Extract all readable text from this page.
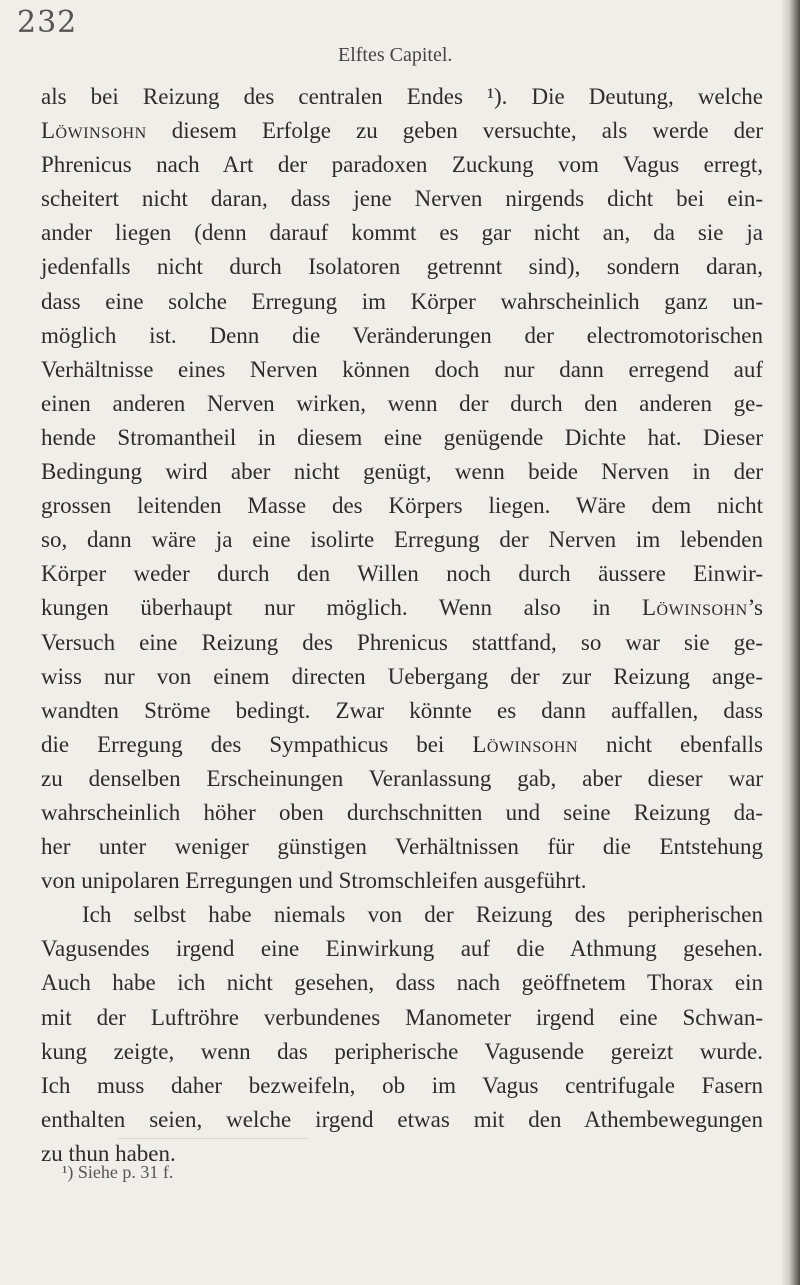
232
Elftes Capitel.
als bei Reizung des centralen Endes ¹). Die Deutung, welche
Löwinsohn diesem Erfolge zu geben versuchte, als werde der
Phrenicus nach Art der paradoxen Zuckung vom Vagus erregt,
scheitert nicht daran, dass jene Nerven nirgends dicht bei ein-
ander liegen (denn darauf kommt es gar nicht an, da sie ja
jedenfalls nicht durch Isolatoren getrennt sind), sondern daran,
dass eine solche Erregung im Körper wahrscheinlich ganz un-
möglich ist. Denn die Veränderungen der electromotorischen
Verhältnisse eines Nerven können doch nur dann erregend auf
einen anderen Nerven wirken, wenn der durch den anderen ge-
hende Stromantheil in diesem eine genügende Dichte hat. Dieser
Bedingung wird aber nicht genügt, wenn beide Nerven in der
grossen leitenden Masse des Körpers liegen. Wäre dem nicht
so, dann wäre ja eine isolirte Erregung der Nerven im lebenden
Körper weder durch den Willen noch durch äussere Einwir-
kungen überhaupt nur möglich. Wenn also in Löwinsohn’s
Versuch eine Reizung des Phrenicus stattfand, so war sie ge-
wiss nur von einem directen Uebergang der zur Reizung ange-
wandten Ströme bedingt. Zwar könnte es dann auffallen, dass
die Erregung des Sympathicus bei Löwinsohn nicht ebenfalls
zu denselben Erscheinungen Veranlassung gab, aber dieser war
wahrscheinlich höher oben durchschnitten und seine Reizung da-
her unter weniger günstigen Verhältnissen für die Entstehung
von unipolaren Erregungen und Stromschleifen ausgeführt.
Ich selbst habe niemals von der Reizung des peripherischen
Vagusendes irgend eine Einwirkung auf die Athmung gesehen.
Auch habe ich nicht gesehen, dass nach geöffnetem Thorax ein
mit der Luftröhre verbundenes Manometer irgend eine Schwan-
kung zeigte, wenn das peripherische Vagusende gereizt wurde.
Ich muss daher bezweifeln, ob im Vagus centrifugale Fasern
enthalten seien, welche irgend etwas mit den Athembewegungen
zu thun haben.
¹) Siehe p. 31 f.
